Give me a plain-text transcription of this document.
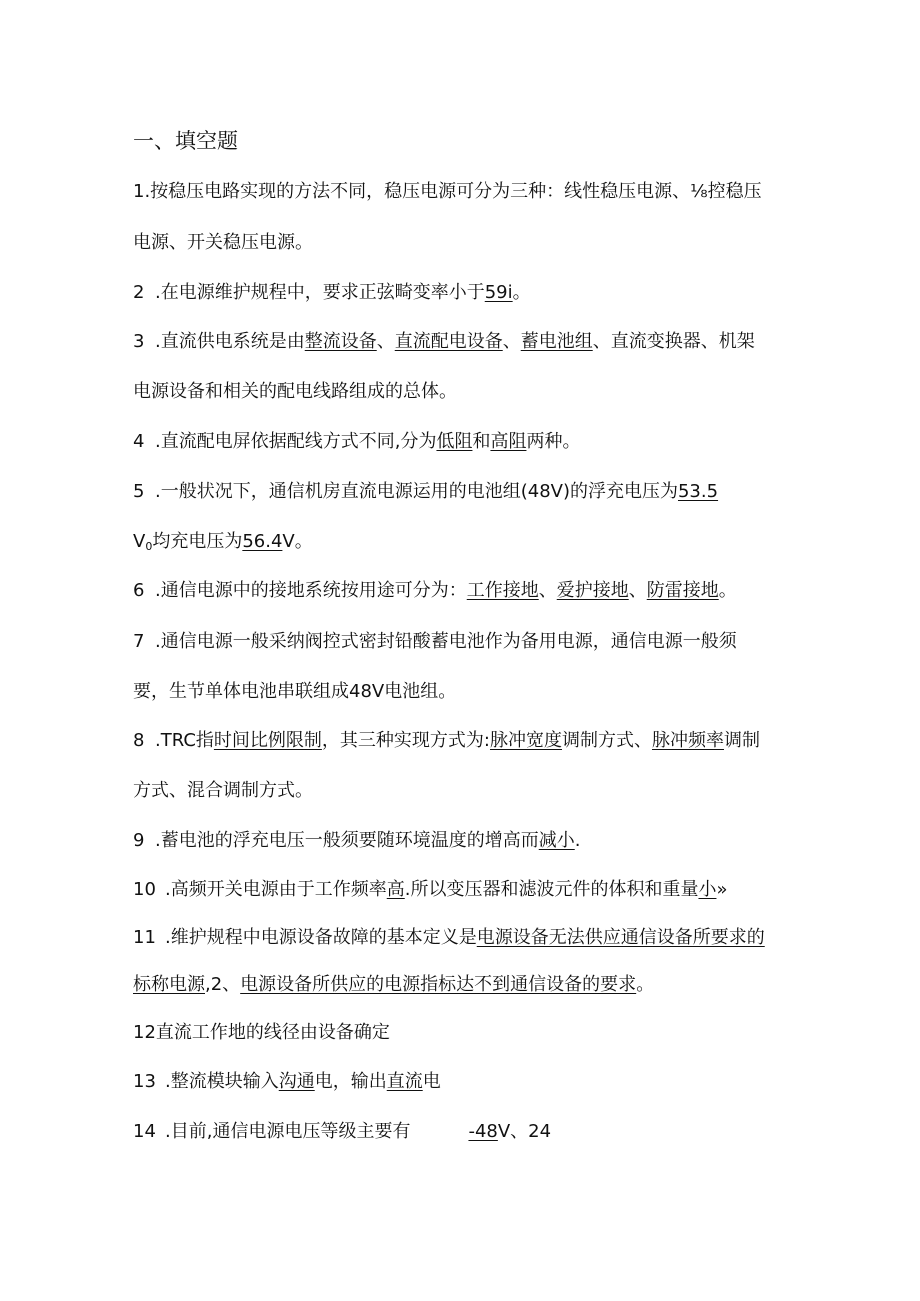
一、填空题
1.按稳压电路实现的方法不同，稳压电源可分为三种：线性稳压电源、⅛控稳压
电源、开关稳压电源。
2 .在电源维护规程中，要求正弦畸变率小于59i。
3 .直流供电系统是由整流设备、直流配电设备、蓄电池组、直流变换器、机架
电源设备和相关的配电线路组成的总体。
4 .直流配电屏依据配线方式不同,分为低阻和高阻两种。
5 .一般状况下，通信机房直流电源运用的电池组(48V)的浮充电压为53.5
$V_0$均充电压为56.4V。
6 .通信电源中的接地系统按用途可分为：工作接地、爱护接地、防雷接地。
7 .通信电源一般采纳阀控式密封铅酸蓄电池作为备用电源，通信电源一般须
要，生节单体电池串联组成48V电池组。
8 .TRC指时间比例限制，其三种实现方式为:脉冲宽度调制方式、脉冲频率调制
方式、混合调制方式。
9 .蓄电池的浮充电压一般须要随环境温度的增高而减小.
10 .高频开关电源由于工作频率高.所以变压器和滤波元件的体积和重量小»
11 .维护规程中电源设备故障的基本定义是电源设备无法供应通信设备所要求的
标称电源,2、电源设备所供应的电源指标达不到通信设备的要求。
12直流工作地的线径由设备确定
13 .整流模块输入沟通电，输出直流电
14 .目前,通信电源电压等级主要有	-48V、24
